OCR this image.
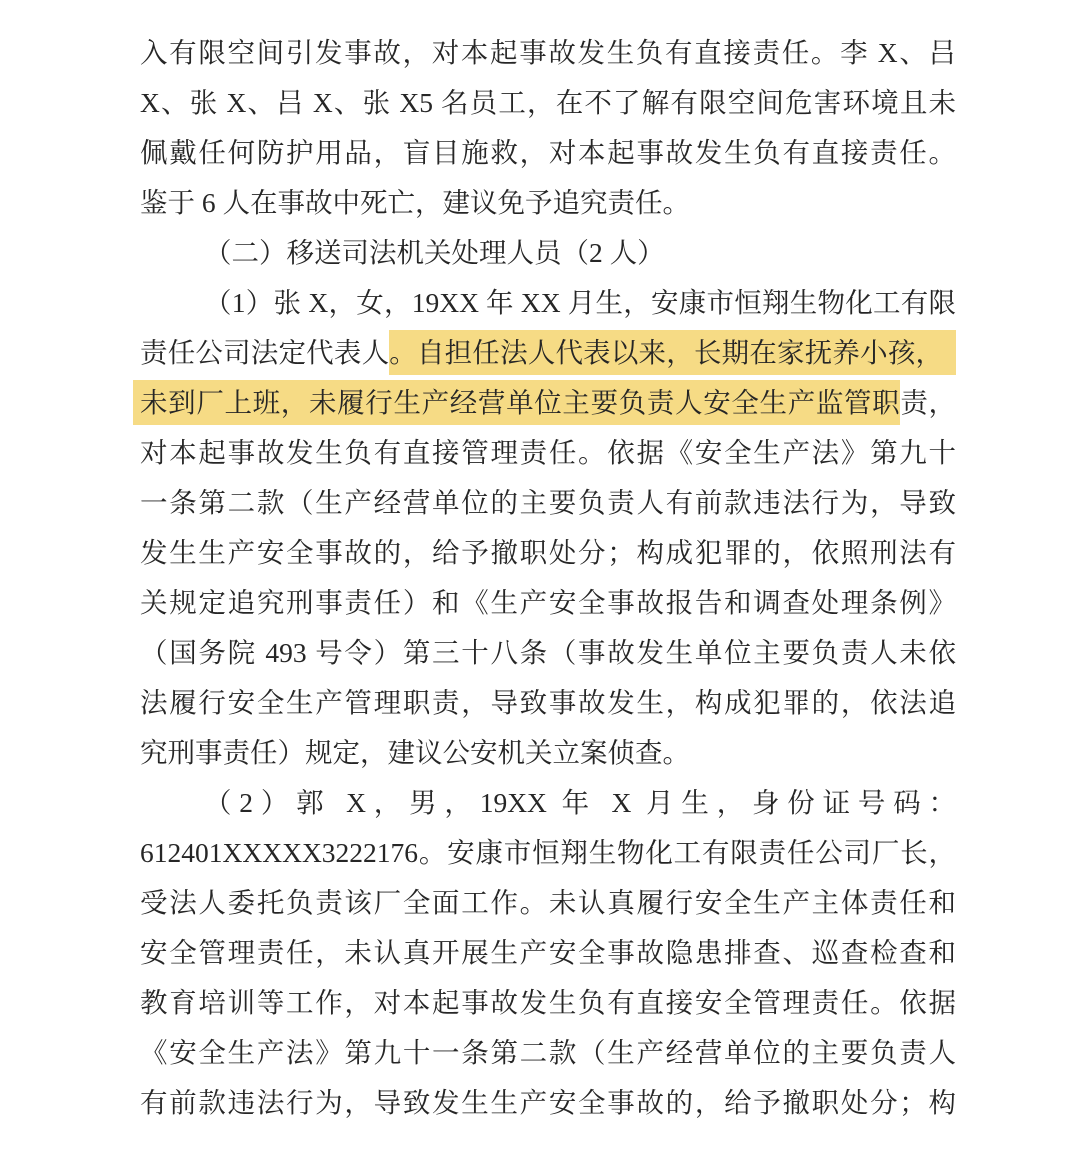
入有限空间引发事故，对本起事故发生负有直接责任。李 X、吕
X、张 X、吕 X、张 X5 名员工，在不了解有限空间危害环境且未
佩戴任何防护用品，盲目施救，对本起事故发生负有直接责任。
鉴于 6 人在事故中死亡，建议免予追究责任。
（二）移送司法机关处理人员（2 人）
（1）张 X，女，19XX 年 XX 月生，安康市恒翔生物化工有限
责任公司法定代表人。自担任法人代表以来，长期在家抚养小孩，
未到厂上班，未履行生产经营单位主要负责人安全生产监管职责，
对本起事故发生负有直接管理责任。依据《安全生产法》第九十
一条第二款（生产经营单位的主要负责人有前款违法行为，导致
发生生产安全事故的，给予撤职处分；构成犯罪的，依照刑法有
关规定追究刑事责任）和《生产安全事故报告和调查处理条例》
（国务院 493 号令）第三十八条（事故发生单位主要负责人未依
法履行安全生产管理职责，导致事故发生，构成犯罪的，依法追
究刑事责任）规定，建议公安机关立案侦查。
（2）郭 X，男，19XX 年 X 月生，身份证号码：
612401XXXXX3222176。安康市恒翔生物化工有限责任公司厂长，
受法人委托负责该厂全面工作。未认真履行安全生产主体责任和
安全管理责任，未认真开展生产安全事故隐患排查、巡查检查和
教育培训等工作，对本起事故发生负有直接安全管理责任。依据
《安全生产法》第九十一条第二款（生产经营单位的主要负责人
有前款违法行为，导致发生生产安全事故的，给予撤职处分；构
